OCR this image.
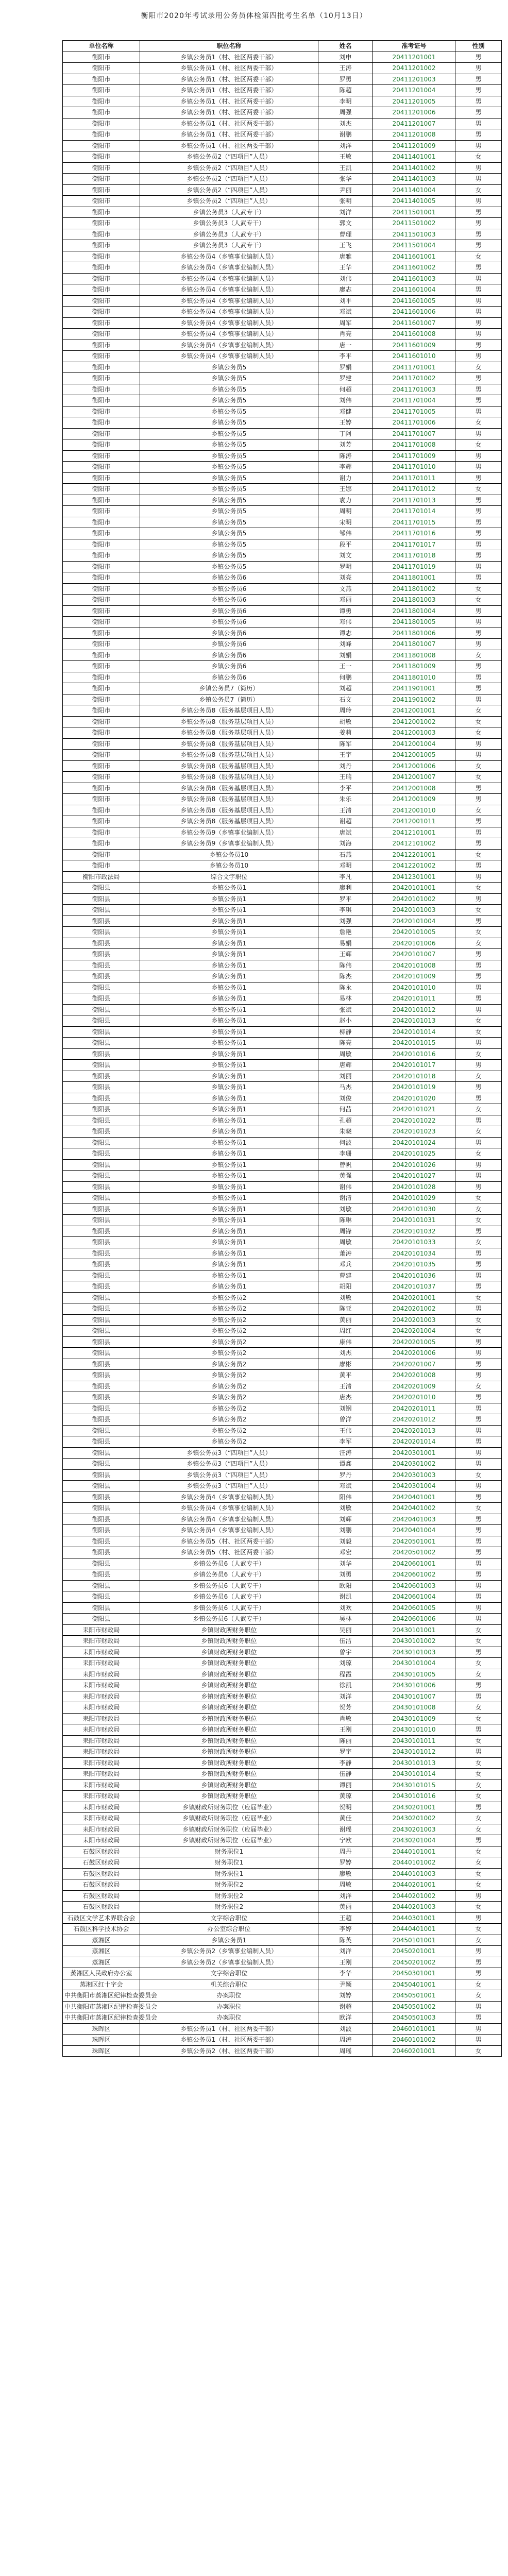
衡阳市2020年考试录用公务员体检第四批考生名单（10月13日）
单位名称	职位名称	姓名	准考证号	性别
衡阳市	乡镇公务员1（村、社区两委干部）	刘申	20411201001	男
衡阳市	乡镇公务员1（村、社区两委干部）	王涛	20411201002	男
衡阳市	乡镇公务员1（村、社区两委干部）	罗勇	20411201003	男
衡阳市	乡镇公务员1（村、社区两委干部）	陈超	20411201004	男
衡阳市	乡镇公务员1（村、社区两委干部）	李明	20411201005	男
衡阳市	乡镇公务员1（村、社区两委干部）	周强	20411201006	男
衡阳市	乡镇公务员1（村、社区两委干部）	刘杰	20411201007	男
衡阳市	乡镇公务员1（村、社区两委干部）	谢鹏	20411201008	男
衡阳市	乡镇公务员1（村、社区两委干部）	刘洋	20411201009	男
衡阳市	乡镇公务员2（“四项目”人员）	王敏	20411401001	女
衡阳市	乡镇公务员2（“四项目”人员）	王凯	20411401002	男
衡阳市	乡镇公务员2（“四项目”人员）	张华	20411401003	男
衡阳市	乡镇公务员2（“四项目”人员）	尹丽	20411401004	女
衡阳市	乡镇公务员2（“四项目”人员）	张明	20411401005	男
衡阳市	乡镇公务员3（人武专干）	刘洋	20411501001	男
衡阳市	乡镇公务员3（人武专干）	郭文	20411501002	男
衡阳市	乡镇公务员3（人武专干）	曹理	20411501003	男
衡阳市	乡镇公务员3（人武专干）	王飞	20411501004	男
衡阳市	乡镇公务员4（乡镇事业编制人员）	唐雅	20411601001	女
衡阳市	乡镇公务员4（乡镇事业编制人员）	王华	20411601002	男
衡阳市	乡镇公务员4（乡镇事业编制人员）	刘伟	20411601003	男
衡阳市	乡镇公务员4（乡镇事业编制人员）	廖志	20411601004	男
衡阳市	乡镇公务员4（乡镇事业编制人员）	刘平	20411601005	男
衡阳市	乡镇公务员4（乡镇事业编制人员）	邓斌	20411601006	男
衡阳市	乡镇公务员4（乡镇事业编制人员）	周军	20411601007	男
衡阳市	乡镇公务员4（乡镇事业编制人员）	肖亮	20411601008	男
衡阳市	乡镇公务员4（乡镇事业编制人员）	唐一	20411601009	男
衡阳市	乡镇公务员4（乡镇事业编制人员）	李平	20411601010	男
衡阳市	乡镇公务员5	罗娟	20411701001	女
衡阳市	乡镇公务员5	罗建	20411701002	男
衡阳市	乡镇公务员5	何超	20411701003	男
衡阳市	乡镇公务员5	刘伟	20411701004	男
衡阳市	乡镇公务员5	邓健	20411701005	男
衡阳市	乡镇公务员5	王婷	20411701006	女
衡阳市	乡镇公务员5	丁阿	20411701007	男
衡阳市	乡镇公务员5	刘芳	20411701008	女
衡阳市	乡镇公务员5	陈涛	20411701009	男
衡阳市	乡镇公务员5	李辉	20411701010	男
衡阳市	乡镇公务员5	谢力	20411701011	男
衡阳市	乡镇公务员5	王娜	20411701012	女
衡阳市	乡镇公务员5	袁力	20411701013	男
衡阳市	乡镇公务员5	周明	20411701014	男
衡阳市	乡镇公务员5	宋明	20411701015	男
衡阳市	乡镇公务员5	邹伟	20411701016	男
衡阳市	乡镇公务员5	段平	20411701017	男
衡阳市	乡镇公务员5	刘文	20411701018	男
衡阳市	乡镇公务员5	罗明	20411701019	男
衡阳市	乡镇公务员6	刘亮	20411801001	男
衡阳市	乡镇公务员6	文燕	20411801002	女
衡阳市	乡镇公务员6	邓丽	20411801003	女
衡阳市	乡镇公务员6	谭勇	20411801004	男
衡阳市	乡镇公务员6	邓伟	20411801005	男
衡阳市	乡镇公务员6	谭志	20411801006	男
衡阳市	乡镇公务员6	刘峰	20411801007	男
衡阳市	乡镇公务员6	刘娟	20411801008	女
衡阳市	乡镇公务员6	王一	20411801009	男
衡阳市	乡镇公务员6	何鹏	20411801010	男
衡阳市	乡镇公务员7（简历）	刘超	20411901001	男
衡阳市	乡镇公务员7（简历）	石文	20411901002	男
衡阳市	乡镇公务员8（服务基层项目人员）	周玲	20412001001	女
衡阳市	乡镇公务员8（服务基层项目人员）	胡敏	20412001002	女
衡阳市	乡镇公务员8（服务基层项目人员）	姜莉	20412001003	女
衡阳市	乡镇公务员8（服务基层项目人员）	陈军	20412001004	男
衡阳市	乡镇公务员8（服务基层项目人员）	王宇	20412001005	男
衡阳市	乡镇公务员8（服务基层项目人员）	刘丹	20412001006	女
衡阳市	乡镇公务员8（服务基层项目人员）	王瑞	20412001007	女
衡阳市	乡镇公务员8（服务基层项目人员）	李平	20412001008	男
衡阳市	乡镇公务员8（服务基层项目人员）	朱乐	20412001009	男
衡阳市	乡镇公务员8（服务基层项目人员）	王清	20412001010	女
衡阳市	乡镇公务员8（服务基层项目人员）	谢超	20412001011	男
衡阳市	乡镇公务员9（乡镇事业编制人员）	唐斌	20412101001	男
衡阳市	乡镇公务员9（乡镇事业编制人员）	刘海	20412101002	男
衡阳市	乡镇公务员10	石燕	20412201001	女
衡阳市	乡镇公务员10	邓明	20412201002	男
衡阳市政法局	综合文字职位	李凡	20412301001	男
衡阳县	乡镇公务员1	廖利	20420101001	女
衡阳县	乡镇公务员1	罗平	20420101002	男
衡阳县	乡镇公务员1	李琪	20420101003	女
衡阳县	乡镇公务员1	刘强	20420101004	男
衡阳县	乡镇公务员1	詹艳	20420101005	女
衡阳县	乡镇公务员1	易娟	20420101006	女
衡阳县	乡镇公务员1	王辉	20420101007	男
衡阳县	乡镇公务员1	陈伟	20420101008	男
衡阳县	乡镇公务员1	陈杰	20420101009	男
衡阳县	乡镇公务员1	陈永	20420101010	男
衡阳县	乡镇公务员1	易林	20420101011	男
衡阳县	乡镇公务员1	张斌	20420101012	男
衡阳县	乡镇公务员1	赵小	20420101013	女
衡阳县	乡镇公务员1	柳静	20420101014	女
衡阳县	乡镇公务员1	陈亮	20420101015	男
衡阳县	乡镇公务员1	周敏	20420101016	女
衡阳县	乡镇公务员1	唐辉	20420101017	男
衡阳县	乡镇公务员1	刘丽	20420101018	女
衡阳县	乡镇公务员1	马杰	20420101019	男
衡阳县	乡镇公务员1	刘俊	20420101020	男
衡阳县	乡镇公务员1	何茜	20420101021	女
衡阳县	乡镇公务员1	孔超	20420101022	男
衡阳县	乡镇公务员1	朱晓	20420101023	女
衡阳县	乡镇公务员1	何波	20420101024	男
衡阳县	乡镇公务员1	李珊	20420101025	女
衡阳县	乡镇公务员1	曾帆	20420101026	男
衡阳县	乡镇公务员1	黄强	20420101027	男
衡阳县	乡镇公务员1	谢伟	20420101028	男
衡阳县	乡镇公务员1	谢清	20420101029	女
衡阳县	乡镇公务员1	刘敏	20420101030	女
衡阳县	乡镇公务员1	陈琳	20420101031	女
衡阳县	乡镇公务员1	周锋	20420101032	男
衡阳县	乡镇公务员1	周敏	20420101033	女
衡阳县	乡镇公务员1	萧涛	20420101034	男
衡阳县	乡镇公务员1	邓兵	20420101035	男
衡阳县	乡镇公务员1	曹建	20420101036	男
衡阳县	乡镇公务员1	胡阳	20420101037	男
衡阳县	乡镇公务员2	刘敏	20420201001	女
衡阳县	乡镇公务员2	陈亚	20420201002	男
衡阳县	乡镇公务员2	黄丽	20420201003	女
衡阳县	乡镇公务员2	周红	20420201004	女
衡阳县	乡镇公务员2	康伟	20420201005	男
衡阳县	乡镇公务员2	刘杰	20420201006	男
衡阳县	乡镇公务员2	廖彬	20420201007	男
衡阳县	乡镇公务员2	黄平	20420201008	男
衡阳县	乡镇公务员2	王清	20420201009	女
衡阳县	乡镇公务员2	唐杰	20420201010	男
衡阳县	乡镇公务员2	刘钢	20420201011	男
衡阳县	乡镇公务员2	曾洋	20420201012	男
衡阳县	乡镇公务员2	王伟	20420201013	男
衡阳县	乡镇公务员2	李军	20420201014	男
衡阳县	乡镇公务员3（“四项目”人员）	汪涛	20420301001	男
衡阳县	乡镇公务员3（“四项目”人员）	谭鑫	20420301002	男
衡阳县	乡镇公务员3（“四项目”人员）	罗丹	20420301003	女
衡阳县	乡镇公务员3（“四项目”人员）	邓斌	20420301004	男
衡阳县	乡镇公务员4（乡镇事业编制人员）	阳伟	20420401001	男
衡阳县	乡镇公务员4（乡镇事业编制人员）	刘敏	20420401002	女
衡阳县	乡镇公务员4（乡镇事业编制人员）	刘辉	20420401003	男
衡阳县	乡镇公务员4（乡镇事业编制人员）	刘鹏	20420401004	男
衡阳县	乡镇公务员5（村、社区两委干部）	刘毅	20420501001	男
衡阳县	乡镇公务员5（村、社区两委干部）	邓宏	20420501002	男
衡阳县	乡镇公务员6（人武专干）	刘华	20420601001	男
衡阳县	乡镇公务员6（人武专干）	刘勇	20420601002	男
衡阳县	乡镇公务员6（人武专干）	欧阳	20420601003	男
衡阳县	乡镇公务员6（人武专干）	谢凯	20420601004	男
衡阳县	乡镇公务员6（人武专干）	刘欢	20420601005	男
衡阳县	乡镇公务员6（人武专干）	吴林	20420601006	男
耒阳市财政局	乡镇财政所财务职位	吴丽	20430101001	女
耒阳市财政局	乡镇财政所财务职位	伍洁	20430101002	女
耒阳市财政局	乡镇财政所财务职位	曾宇	20430101003	男
耒阳市财政局	乡镇财政所财务职位	刘琼	20430101004	女
耒阳市财政局	乡镇财政所财务职位	程霞	20430101005	女
耒阳市财政局	乡镇财政所财务职位	徐凯	20430101006	男
耒阳市财政局	乡镇财政所财务职位	刘洋	20430101007	男
耒阳市财政局	乡镇财政所财务职位	贺芳	20430101008	女
耒阳市财政局	乡镇财政所财务职位	肖敏	20430101009	女
耒阳市财政局	乡镇财政所财务职位	王刚	20430101010	男
耒阳市财政局	乡镇财政所财务职位	陈丽	20430101011	女
耒阳市财政局	乡镇财政所财务职位	罗宇	20430101012	男
耒阳市财政局	乡镇财政所财务职位	李静	20430101013	女
耒阳市财政局	乡镇财政所财务职位	伍静	20430101014	女
耒阳市财政局	乡镇财政所财务职位	谭丽	20430101015	女
耒阳市财政局	乡镇财政所财务职位	黄琼	20430101016	女
耒阳市财政局	乡镇财政所财务职位（应届毕业）	贺明	20430201001	男
耒阳市财政局	乡镇财政所财务职位（应届毕业）	黄佳	20430201002	女
耒阳市财政局	乡镇财政所财务职位（应届毕业）	谢瑶	20430201003	女
耒阳市财政局	乡镇财政所财务职位（应届毕业）	宁欧	20430201004	男
石鼓区财政局	财务职位1	周丹	20440101001	女
石鼓区财政局	财务职位1	罗婷	20440101002	女
石鼓区财政局	财务职位1	廖敏	20440101003	女
石鼓区财政局	财务职位2	周敏	20440201001	女
石鼓区财政局	财务职位2	刘洋	20440201002	男
石鼓区财政局	财务职位2	黄丽	20440201003	女
石鼓区文学艺术界联合会	文字综合职位	王超	20440301001	男
石鼓区科学技术协会	办公室综合职位	李婷	20440401001	女
蒸湘区	乡镇公务员1	陈英	20450101001	女
蒸湘区	乡镇公务员2（乡镇事业编制人员）	刘洋	20450201001	男
蒸湘区	乡镇公务员2（乡镇事业编制人员）	王刚	20450201002	男
蒸湘区人民政府办公室	文字综合职位	李华	20450301001	男
蒸湘区红十字会	机关综合职位	尹颖	20450401001	女
中共衡阳市蒸湘区纪律检查委员会	办案职位	刘婷	20450501001	女
中共衡阳市蒸湘区纪律检查委员会	办案职位	谢超	20450501002	男
中共衡阳市蒸湘区纪律检查委员会	办案职位	欧洋	20450501003	男
珠晖区	乡镇公务员1（村、社区两委干部）	刘波	20460101001	男
珠晖区	乡镇公务员1（村、社区两委干部）	周涛	20460101002	男
珠晖区	乡镇公务员2（村、社区两委干部）	周瑶	20460201001	女
